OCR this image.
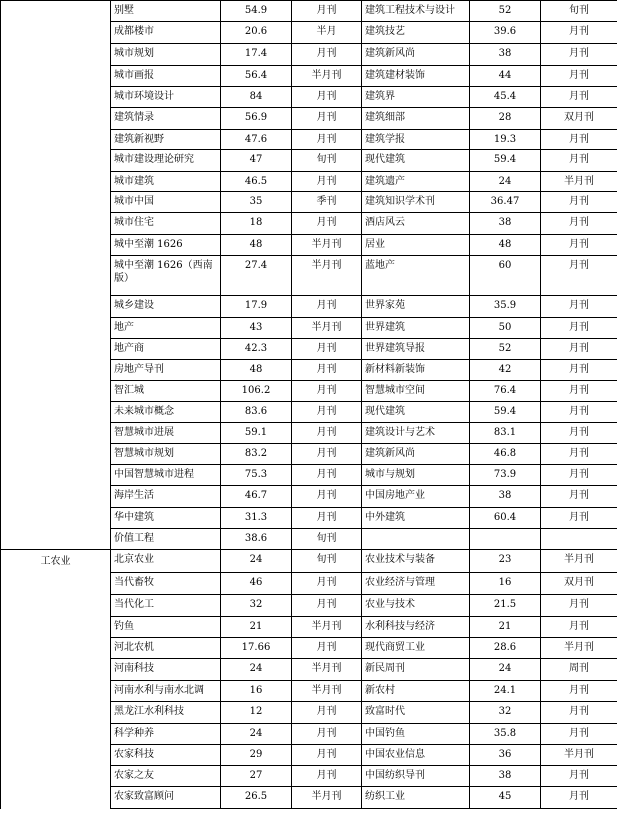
	别墅	54.9	月刊	建筑工程技术与设计	52	旬刊
	成都楼市	20.6	半月	建筑技艺	39.6	月刊
	城市规划	17.4	月刊	建筑新风尚	38	月刊
	城市画报	56.4	半月刊	建筑建材装饰	44	月刊
	城市环境设计	84	月刊	建筑界	45.4	月刊
	建筑情录	56.9	月刊	建筑细部	28	双月刊
	建筑新视野	47.6	月刊	建筑学报	19.3	月刊
	城市建设理论研究	47	旬刊	现代建筑	59.4	月刊
	城市建筑	46.5	月刊	建筑遗产	24	半月刊
	城市中国	35	季刊	建筑知识学术刊	36.47	月刊
	城市住宅	18	月刊	酒店风云	38	月刊
	城中至潮 1626	48	半月刊	居业	48	月刊
	城中至潮 1626（西南版）	27.4	半月刊	蓝地产	60	月刊
	城乡建设	17.9	月刊	世界家苑	35.9	月刊
	地产	43	半月刊	世界建筑	50	月刊
	地产商	42.3	月刊	世界建筑导报	52	月刊
	房地产导刊	48	月刊	新材料新装饰	42	月刊
	智汇城	106.2	月刊	智慧城市空间	76.4	月刊
	未来城市概念	83.6	月刊	现代建筑	59.4	月刊
	智慧城市进展	59.1	月刊	建筑设计与艺术	83.1	月刊
	智慧城市规划	83.2	月刊	建筑新风尚	46.8	月刊
	中国智慧城市进程	75.3	月刊	城市与规划	73.9	月刊
	海岸生活	46.7	月刊	中国房地产业	38	月刊
	华中建筑	31.3	月刊	中外建筑	60.4	月刊
	价值工程	38.6	旬刊			
工农业	北京农业	24	旬刊	农业技术与装备	23	半月刊
	当代畜牧	46	月刊	农业经济与管理	16	双月刊
	当代化工	32	月刊	农业与技术	21.5	月刊
	钓鱼	21	半月刊	水利科技与经济	21	月刊
	河北农机	17.66	月刊	现代商贸工业	28.6	半月刊
	河南科技	24	半月刊	新民周刊	24	周刊
	河南水利与南水北调	16	半月刊	新农村	24.1	月刊
	黑龙江水利科技	12	月刊	致富时代	32	月刊
	科学种养	24	月刊	中国钓鱼	35.8	月刊
	农家科技	29	月刊	中国农业信息	36	半月刊
	农家之友	27	月刊	中国纺织导刊	38	月刊
	农家致富顾问	26.5	半月刊	纺织工业	45	月刊
